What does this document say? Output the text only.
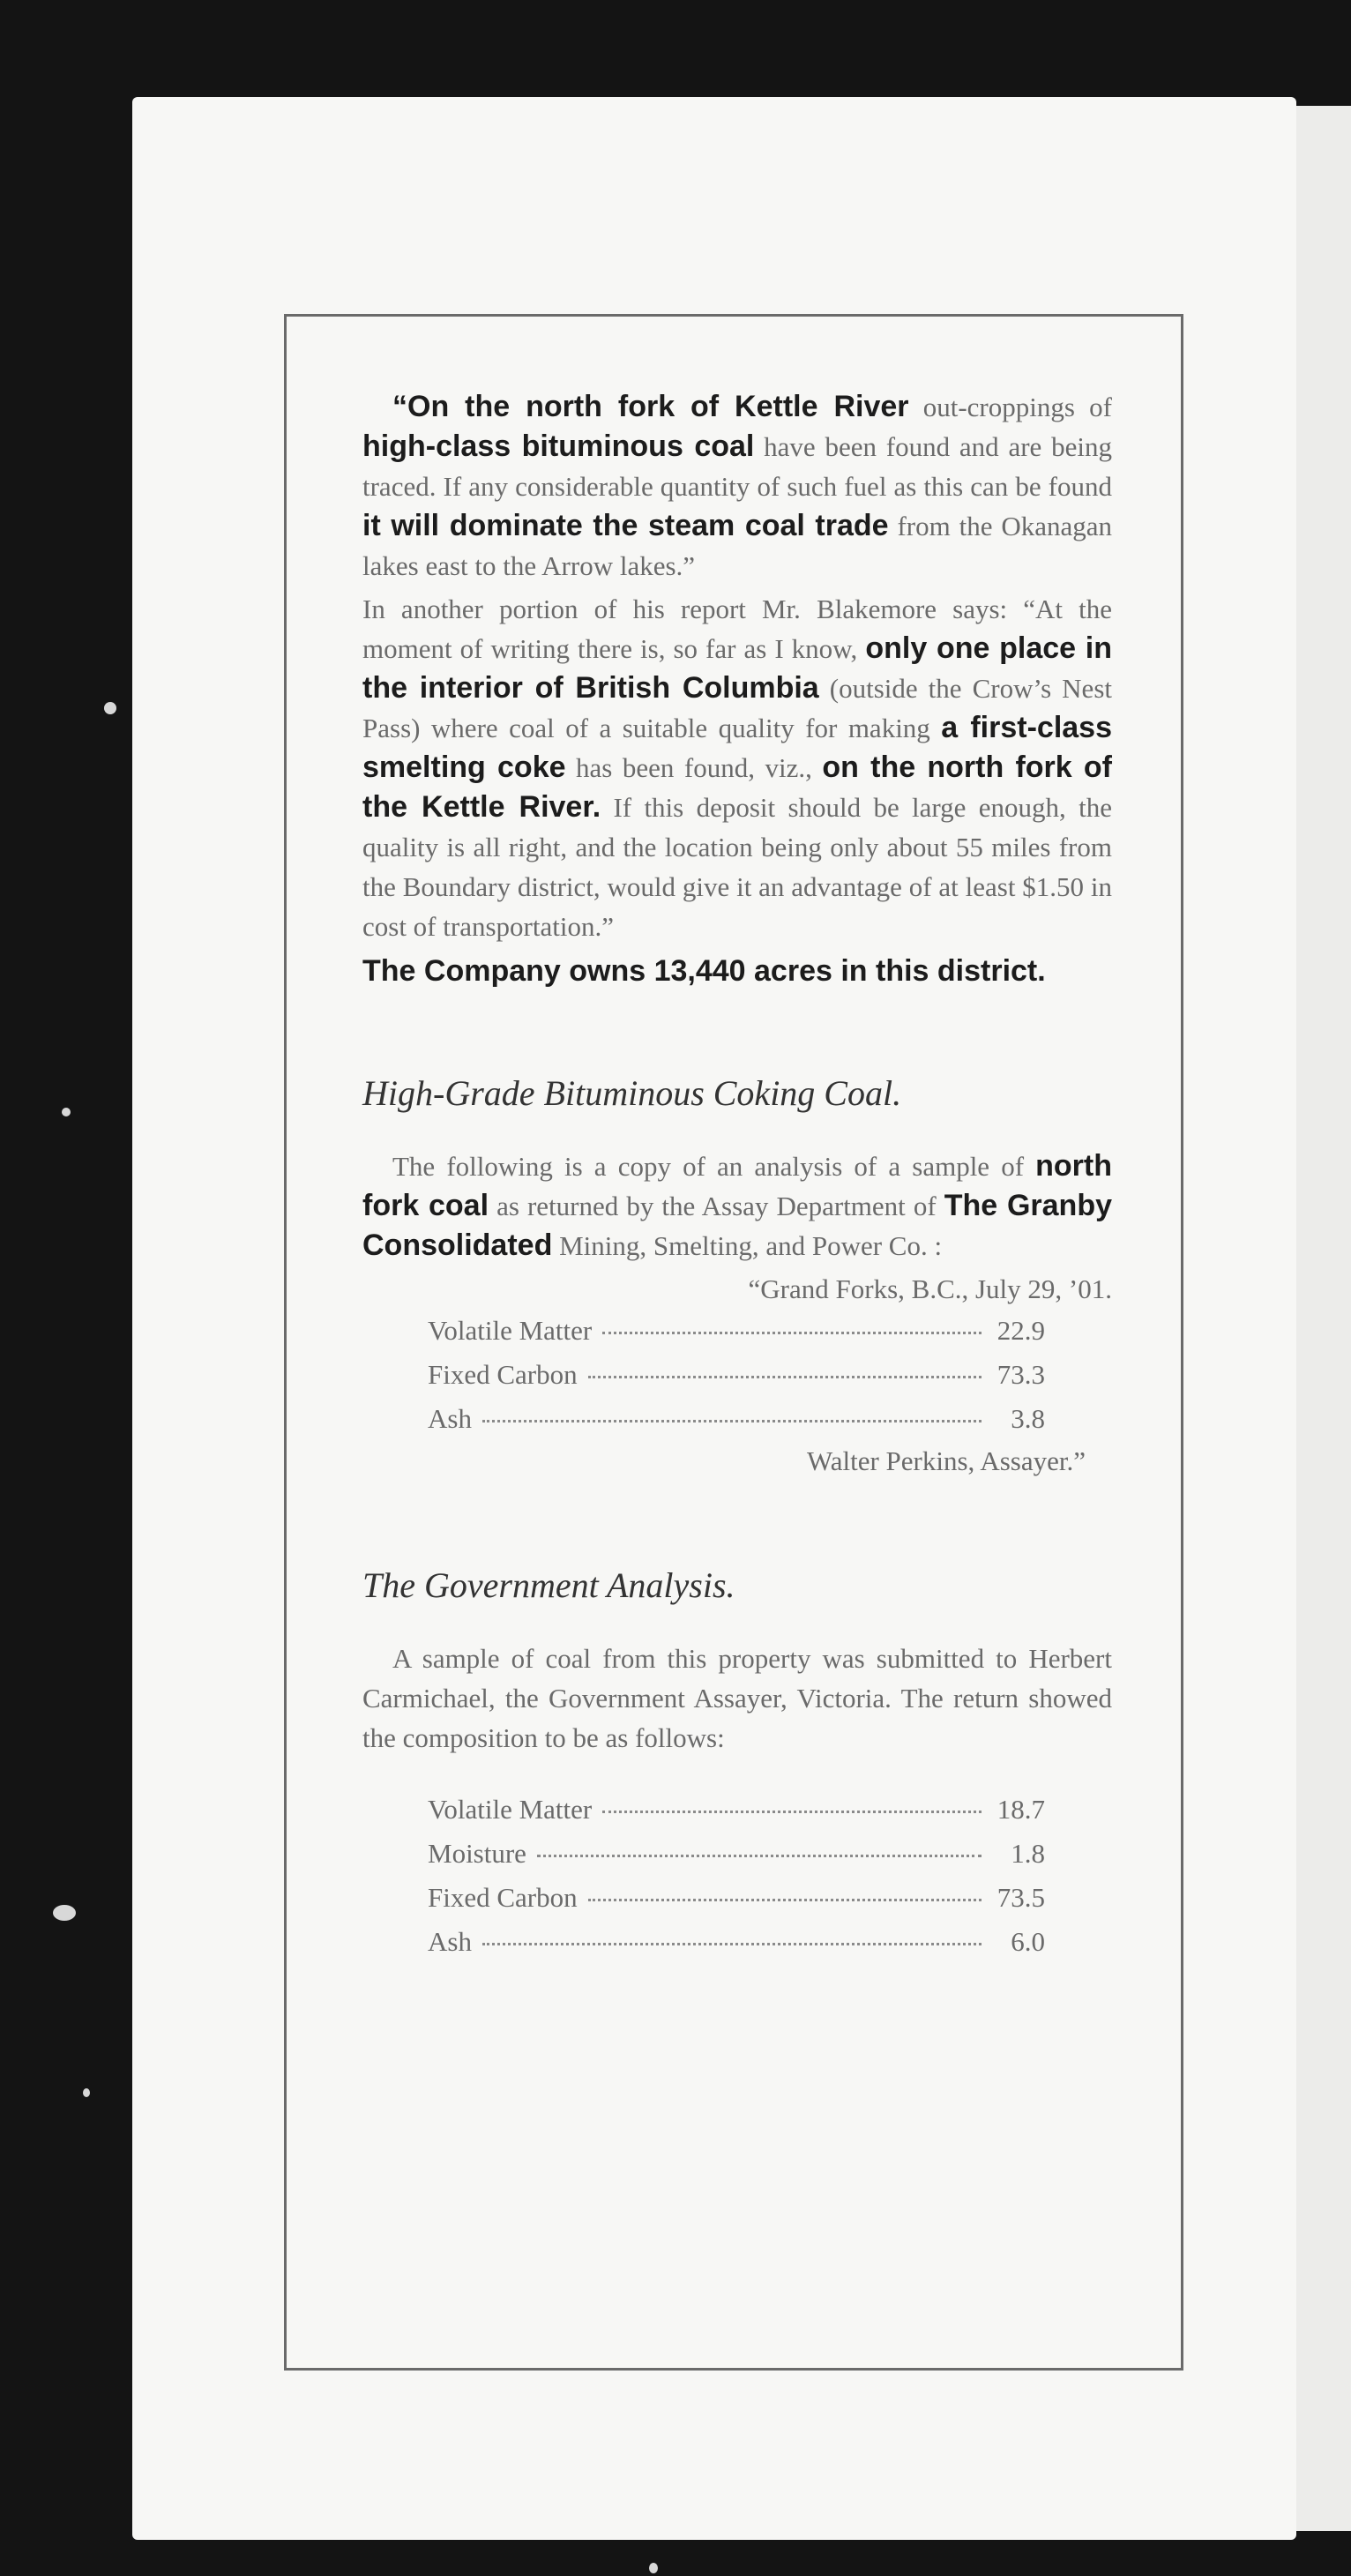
“On the north fork of Kettle River out-croppings of high-class bituminous coal have been found and are being traced. If any considerable quantity of such fuel as this can be found it will dominate the steam coal trade from the Okanagan lakes east to the Arrow lakes.”

In another portion of his report Mr. Blakemore says: “At the moment of writing there is, so far as I know, only one place in the interior of British Columbia (outside the Crow’s Nest Pass) where coal of a suitable quality for making a first-class smelting coke has been found, viz., on the north fork of the Kettle River. If this deposit should be large enough, the quality is all right, and the location being only about 55 miles from the Boundary district, would give it an advantage of at least $1.50 in cost of transportation.”

The Company owns 13,440 acres in this district.

High-Grade Bituminous Coking Coal.

The following is a copy of an analysis of a sample of north fork coal as returned by the Assay Department of The Granby Consolidated Mining, Smelting, and Power Co. :

“Grand Forks, B.C., July 29, ’01.

Volatile Matter	22.9
Fixed Carbon	73.3
Ash	3.8

Walter Perkins, Assayer.”

The Government Analysis.

A sample of coal from this property was submitted to Herbert Carmichael, the Government Assayer, Victoria. The return showed the composition to be as follows:

Volatile Matter	18.7
Moisture	1.8
Fixed Carbon	73.5
Ash	6.0
